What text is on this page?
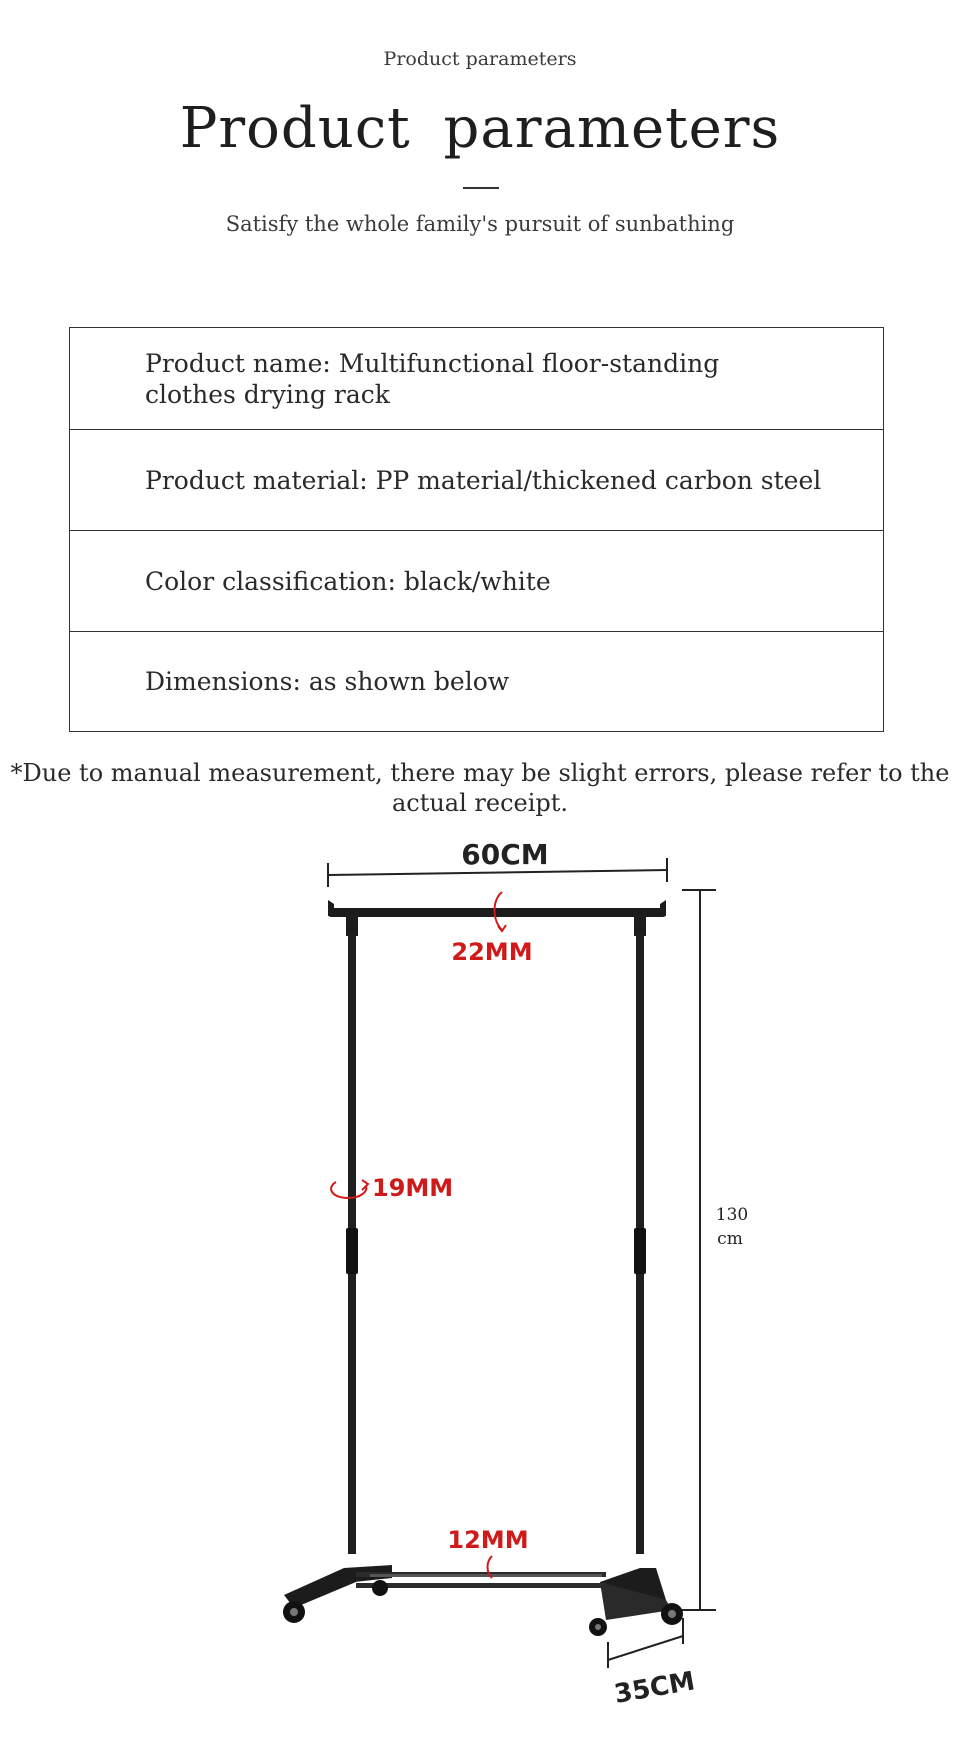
Product parameters
Product parameters
Satisfy the whole family's pursuit of sunbathing
Product name: Multifunctional floor-standing clothes drying rack
Product material: PP material/thickened carbon steel
Color classification: black/white
Dimensions: as shown below
*Due to manual measurement, there may be slight errors, please refer to the actual receipt.
60CM
130
cm
35CM
22MM
19MM
12MM
